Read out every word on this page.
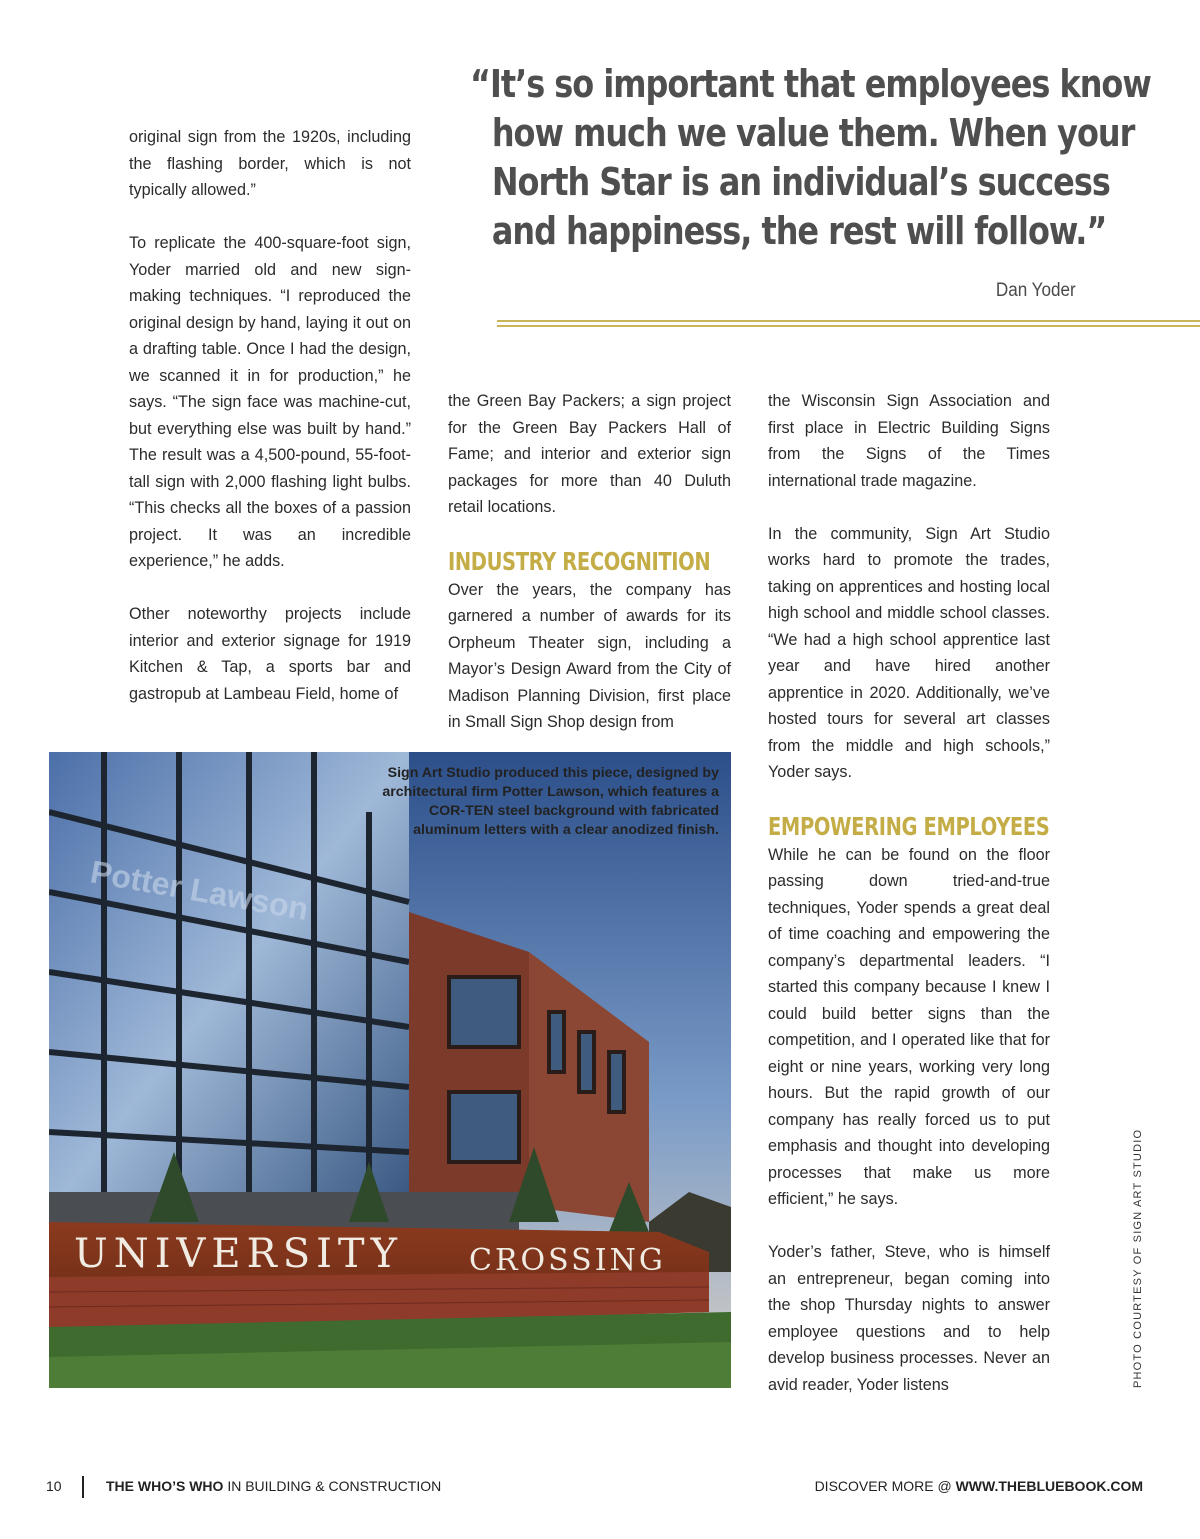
“It’s so important that employees know
how much we value them. When your
North Star is an individual’s success
and happiness, the rest will follow.”
Dan Yoder

original sign from the 1920s, including the flashing border, which is not typically allowed.”

To replicate the 400-square-foot sign, Yoder married old and new sign-making techniques. “I reproduced the original design by hand, laying it out on a drafting table. Once I had the design, we scanned it in for production,” he says. “The sign face was machine-cut, but everything else was built by hand.” The result was a 4,500-pound, 55-foot-tall sign with 2,000 flashing light bulbs. “This checks all the boxes of a passion project. It was an incredible experience,” he adds.

Other noteworthy projects include interior and exterior signage for 1919 Kitchen & Tap, a sports bar and gastropub at Lambeau Field, home of

the Green Bay Packers; a sign project for the Green Bay Packers Hall of Fame; and interior and exterior sign packages for more than 40 Duluth retail locations.

INDUSTRY RECOGNITION

Over the years, the company has garnered a number of awards for its Orpheum Theater sign, including a Mayor’s Design Award from the City of Madison Planning Division, first place in Small Sign Shop design from

the Wisconsin Sign Association and first place in Electric Building Signs from the Signs of the Times international trade magazine.

In the community, Sign Art Studio works hard to promote the trades, taking on apprentices and hosting local high school and middle school classes. “We had a high school apprentice last year and have hired another apprentice in 2020. Additionally, we’ve hosted tours for several art classes from the middle and high schools,” Yoder says.

EMPOWERING EMPLOYEES

While he can be found on the floor passing down tried-and-true techniques, Yoder spends a great deal of time coaching and empowering the company’s departmental leaders. “I started this company because I knew I could build better signs than the competition, and I operated like that for eight or nine years, working very long hours. But the rapid growth of our company has really forced us to put emphasis and thought into developing processes that make us more efficient,” he says.

Yoder’s father, Steve, who is himself an entrepreneur, began coming into the shop Thursday nights to answer employee questions and to help develop business processes. Never an avid reader, Yoder listens

UNIVERSITY CROSSING
Potter Lawson
Sign Art Studio produced this piece, designed by architectural firm Potter Lawson, which features a COR-TEN steel background with fabricated aluminum letters with a clear anodized finish.
PHOTO COURTESY OF SIGN ART STUDIO
10	THE WHO’S WHO IN BUILDING & CONSTRUCTION	DISCOVER MORE @ WWW.THEBLUEBOOK.COM
